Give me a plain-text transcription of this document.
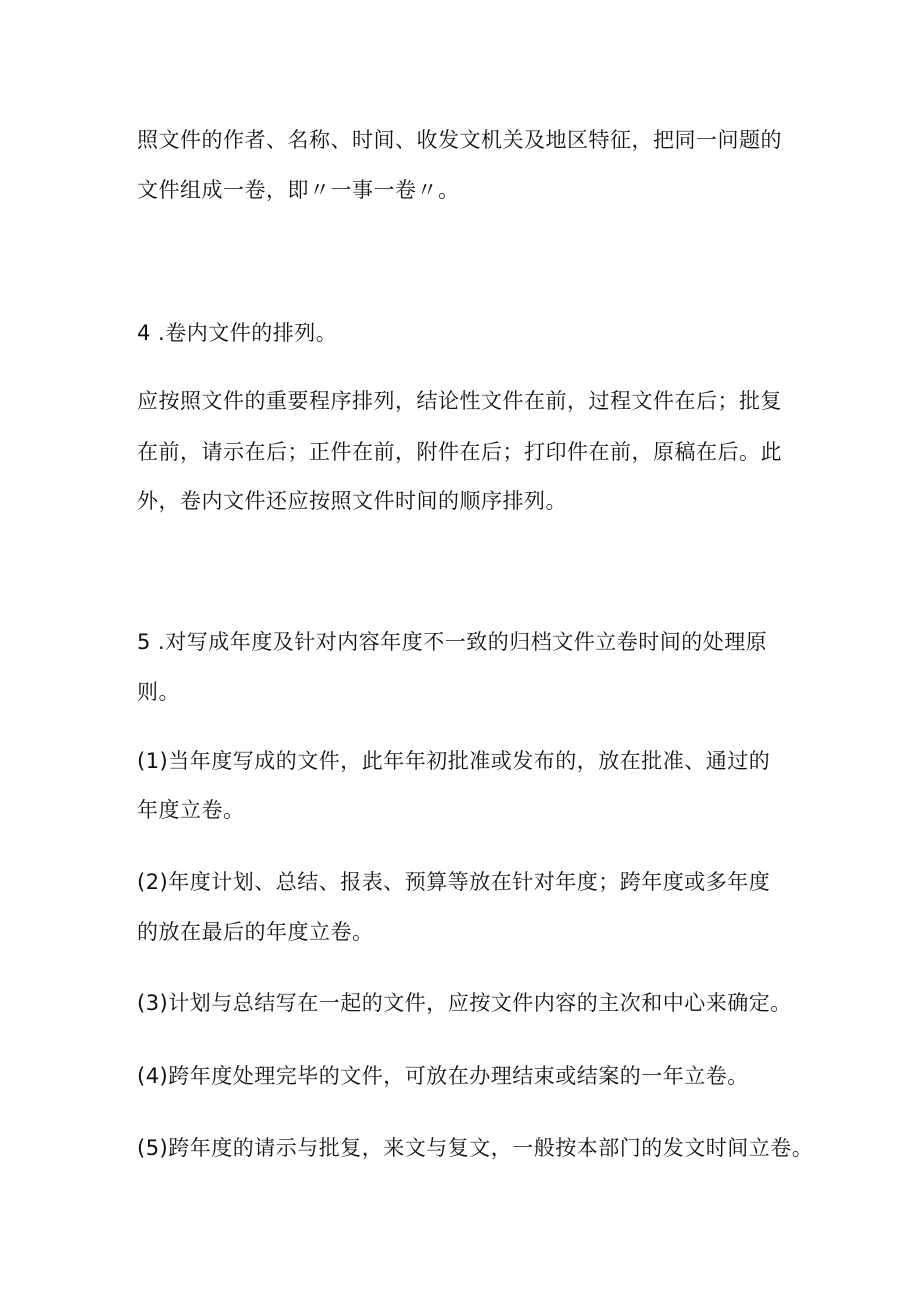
照文件的作者、名称、时间、收发文机关及地区特征，把同一问题的
文件组成一卷，即〃一事一卷〃。
4 .卷内文件的排列。
应按照文件的重要程序排列，结论性文件在前，过程文件在后；批复
在前，请示在后；正件在前，附件在后；打印件在前，原稿在后。此
外，卷内文件还应按照文件时间的顺序排列。
5 .对写成年度及针对内容年度不一致的归档文件立卷时间的处理原
则。
(1)当年度写成的文件，此年年初批准或发布的，放在批准、通过的
年度立卷。
(2)年度计划、总结、报表、预算等放在针对年度；跨年度或多年度
的放在最后的年度立卷。
(3)计划与总结写在一起的文件，应按文件内容的主次和中心来确定。
(4)跨年度处理完毕的文件，可放在办理结束或结案的一年立卷。
(5)跨年度的请示与批复，来文与复文，一般按本部门的发文时间立卷。
